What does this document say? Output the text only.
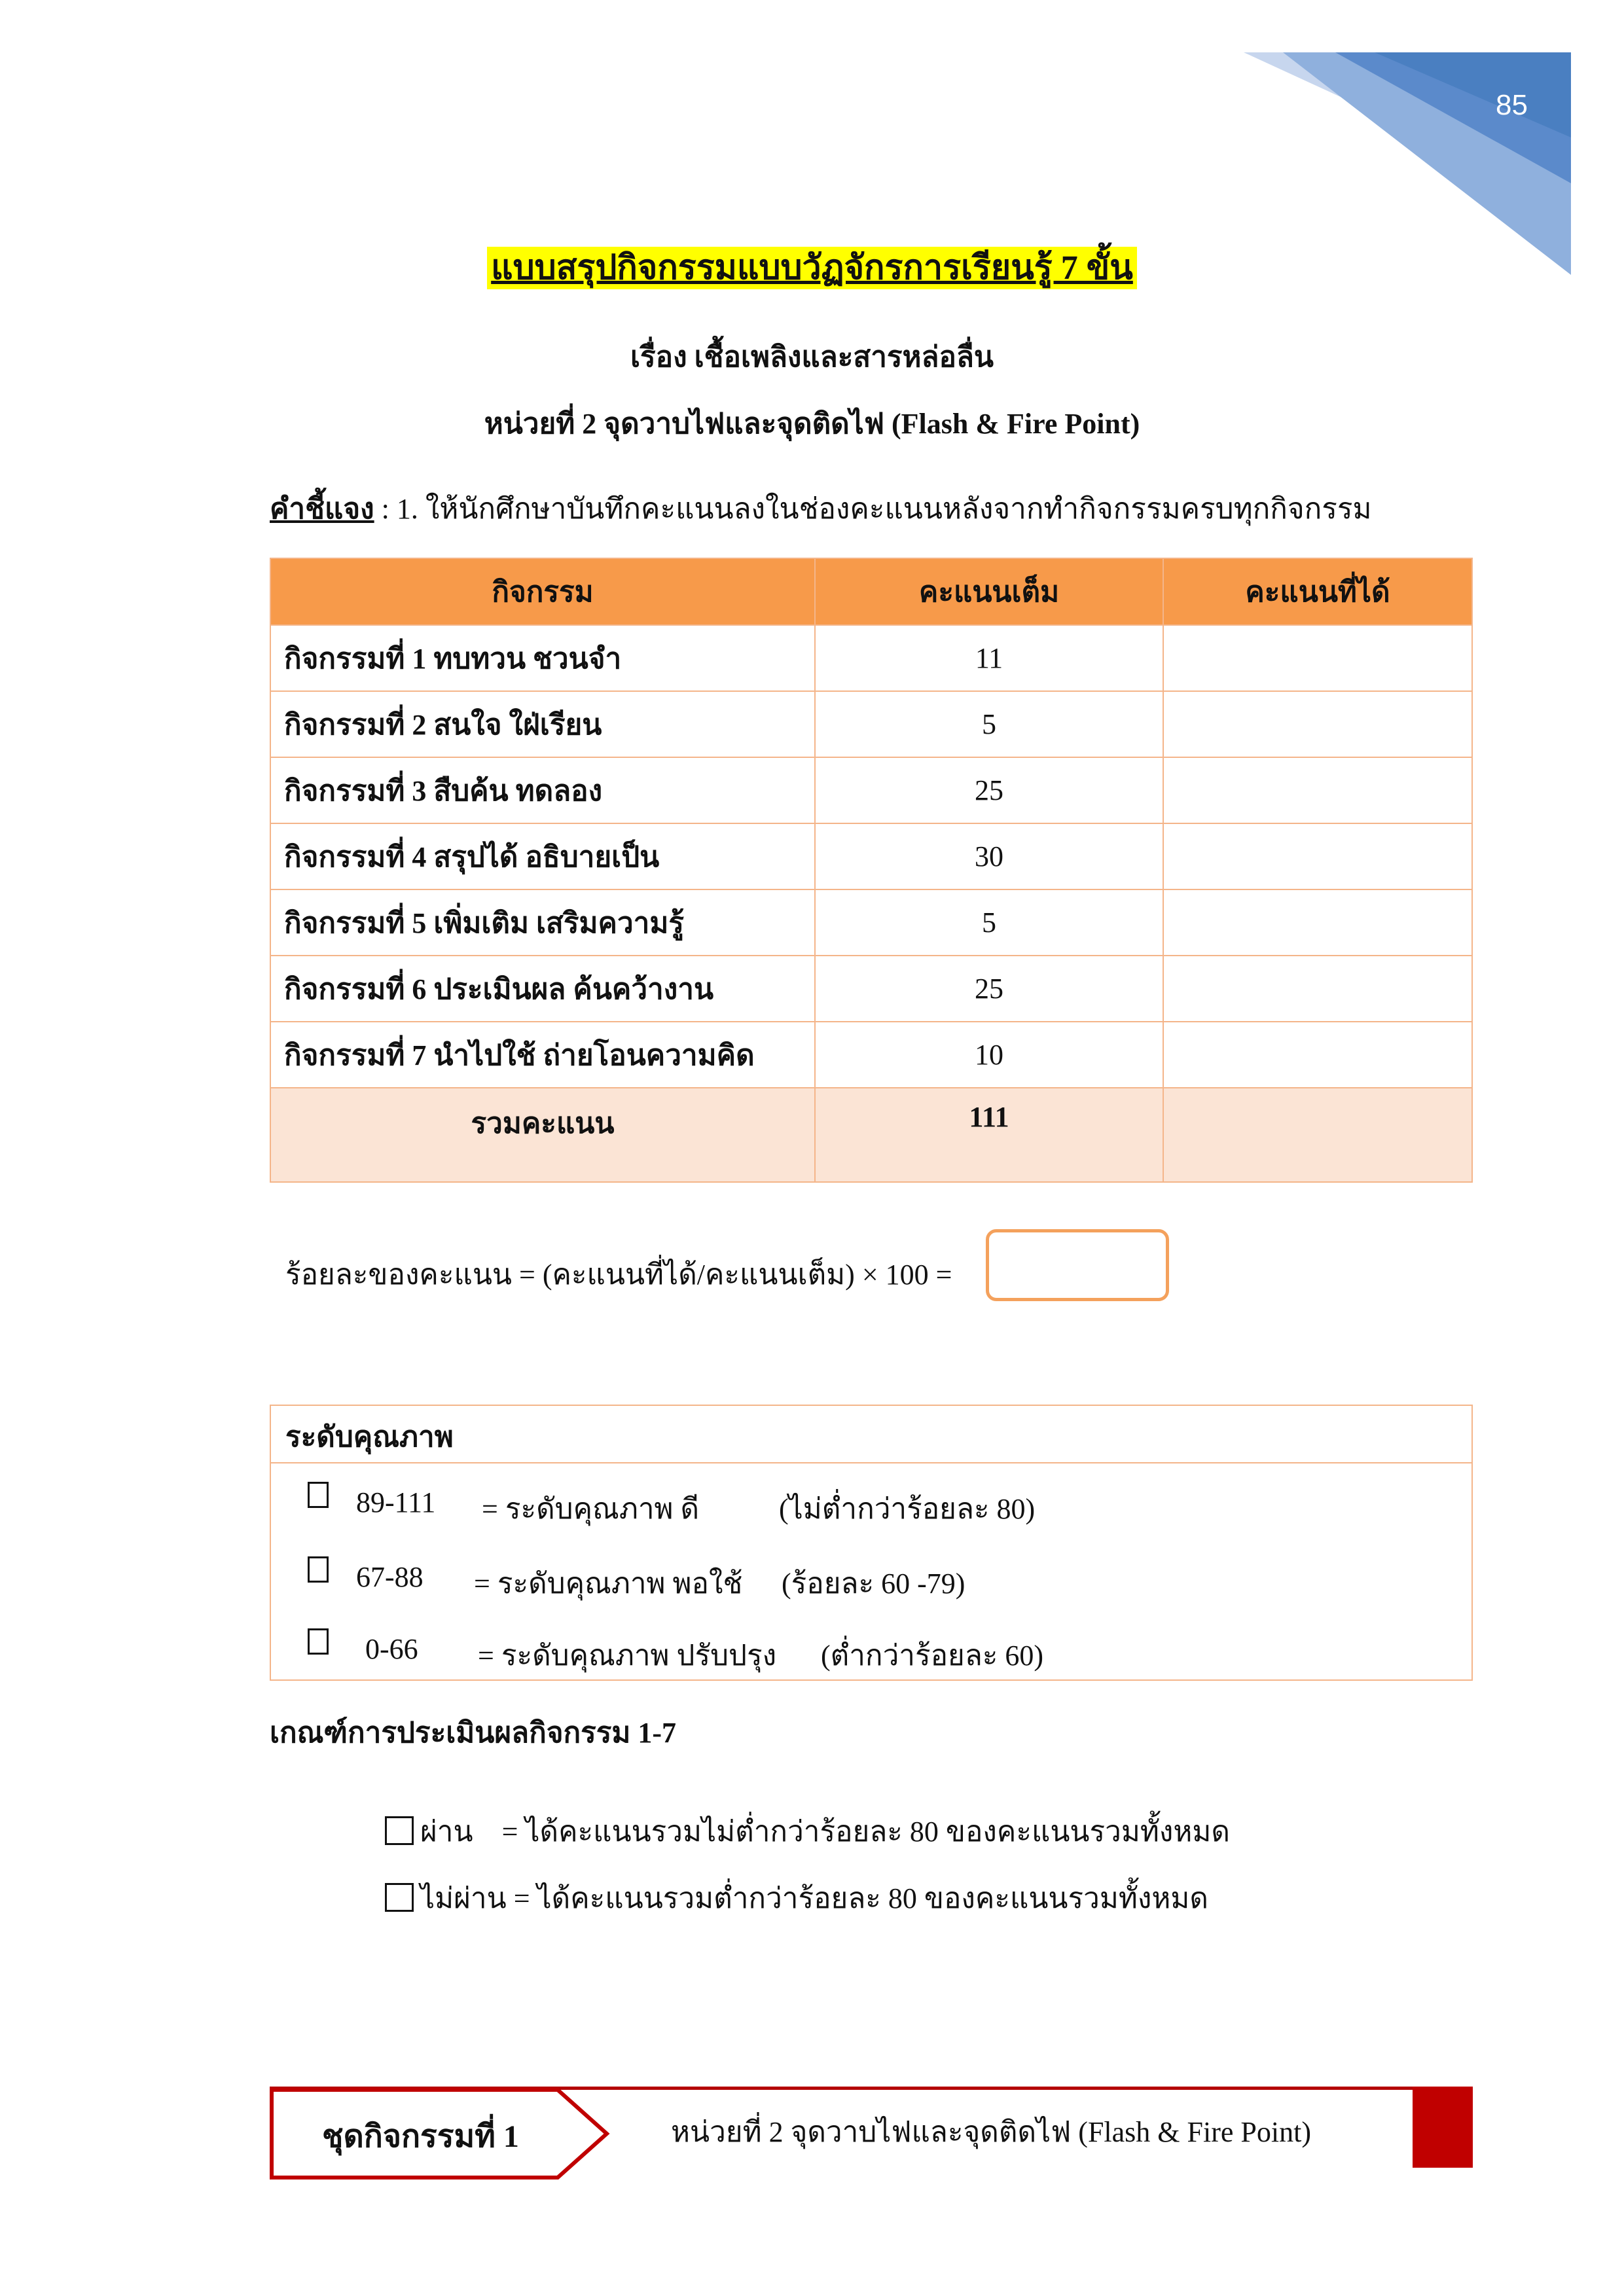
85
แบบสรุปกิจกรรมแบบวัฏจักรการเรียนรู้ 7 ขั้น
เรื่อง เชื้อเพลิงและสารหล่อลื่น
หน่วยที่ 2 จุดวาบไฟและจุดติดไฟ (Flash & Fire Point)
คำชี้แจง : 1. ให้นักศึกษาบันทึกคะแนนลงในช่องคะแนนหลังจากทำกิจกรรมครบทุกกิจกรรม
กิจกรรม	คะแนนเต็ม	คะแนนที่ได้
กิจกรรมที่ 1 ทบทวน ชวนจำ	11	
กิจกรรมที่ 2 สนใจ ใฝ่เรียน	5	
กิจกรรมที่ 3 สืบค้น ทดลอง	25	
กิจกรรมที่ 4 สรุปได้ อธิบายเป็น	30	
กิจกรรมที่ 5 เพิ่มเติม เสริมความรู้	5	
กิจกรรมที่ 6 ประเมินผล ค้นคว้างาน	25	
กิจกรรมที่ 7 นำไปใช้ ถ่ายโอนความคิด	10	
รวมคะแนน	111	
ร้อยละของคะแนน = (คะแนนที่ได้/คะแนนเต็ม) × 100 =
ระดับคุณภาพ
89-111 = ระดับคุณภาพ ดี	(ไม่ต่ำกว่าร้อยละ 80)
67-88 = ระดับคุณภาพ พอใช้ (ร้อยละ 60 -79)
0-66 = ระดับคุณภาพ ปรับปรุง (ต่ำกว่าร้อยละ 60)
เกณฑ์การประเมินผลกิจกรรม 1-7

ผ่าน = ได้คะแนนรวมไม่ต่ำกว่าร้อยละ 80 ของคะแนนรวมทั้งหมด

ไม่ผ่าน = ได้คะแนนรวมต่ำกว่าร้อยละ 80 ของคะแนนรวมทั้งหมด

ชุดกิจกรรมที่ 1	หน่วยที่ 2 จุดวาบไฟและจุดติดไฟ (Flash & Fire Point)
